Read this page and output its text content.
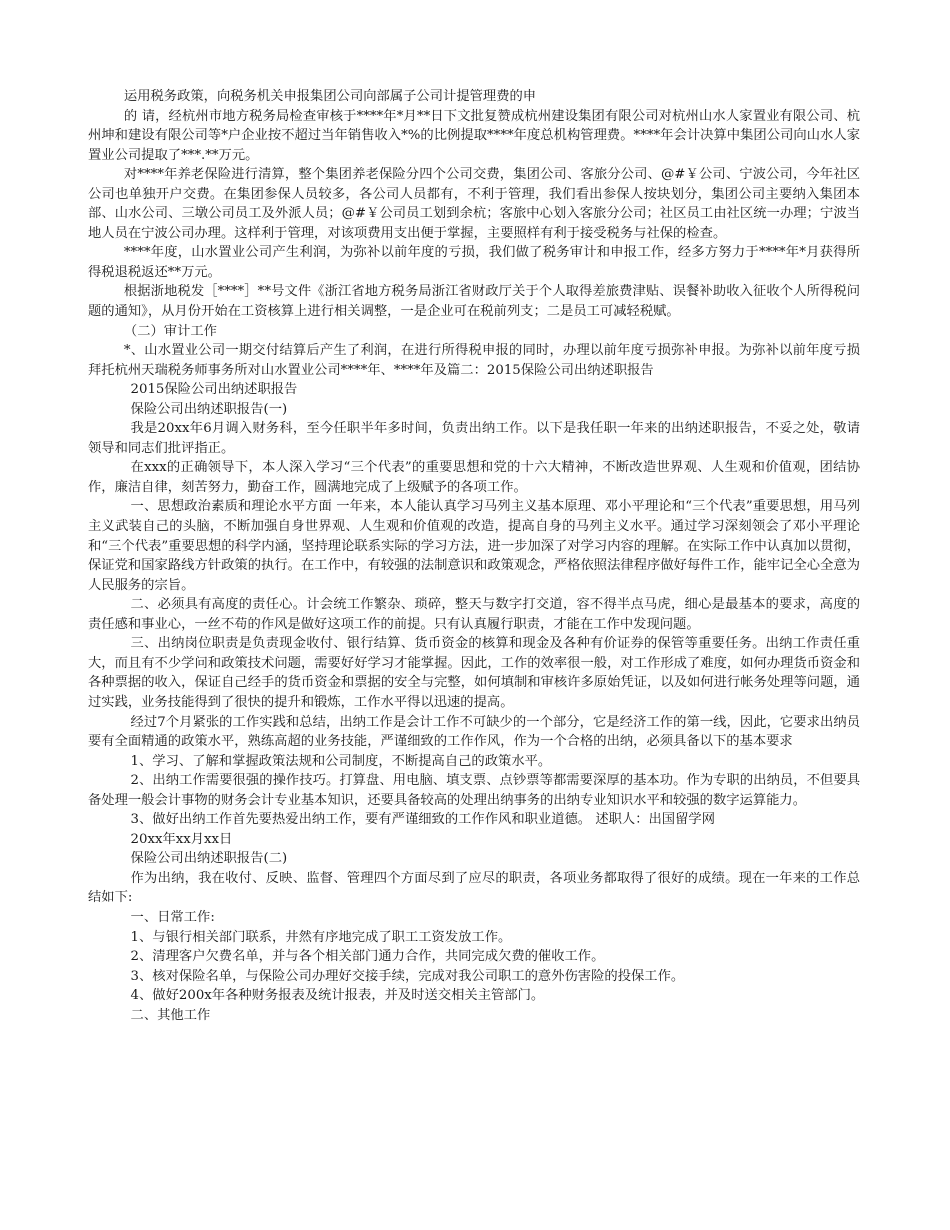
运用税务政策，向税务机关申报集团公司向部属子公司计提管理费的申

的 请，经杭州市地方税务局检查审核于****年*月**日下文批复赞成杭州建设集团有限公司对杭州山水人家置业有限公司、杭州坤和建设有限公司等*户企业按不超过当年销售收入*%的比例提取****年度总机构管理费。****年会计决算中集团公司向山水人家置业公司提取了***.**万元。

对****年养老保险进行清算，整个集团养老保险分四个公司交费，集团公司、客旅分公司、@#￥公司、宁波公司，今年社区公司也单独开户交费。在集团参保人员较多，各公司人员都有，不利于管理，我们看出参保人按块划分，集团公司主要纳入集团本部、山水公司、三墩公司员工及外派人员；@#￥公司员工划到余杭；客旅中心划入客旅分公司；社区员工由社区统一办理；宁波当地人员在宁波公司办理。这样利于管理，对该项费用支出便于掌握，主要照样有利于接受税务与社保的检查。

****年度，山水置业公司产生利润，为弥补以前年度的亏损，我们做了税务审计和申报工作，经多方努力于****年*月获得所得税退税返还**万元。

根据浙地税发［****］**号文件《浙江省地方税务局浙江省财政厅关于个人取得差旅费津贴、误餐补助收入征收个人所得税问题的通知》，从月份开始在工资核算上进行相关调整，一是企业可在税前列支；二是员工可减轻税赋。

（二）审计工作

*、山水置业公司一期交付结算后产生了利润，在进行所得税申报的同时，办理以前年度亏损弥补申报。为弥补以前年度亏损拜托杭州天瑞税务师事务所对山水置业公司****年、****年及篇二：2015保险公司出纳述职报告

2015保险公司出纳述职报告

保险公司出纳述职报告(一)

我是20xx年6月调入财务科，至今任职半年多时间，负责出纳工作。以下是我任职一年来的出纳述职报告，不妥之处，敬请领导和同志们批评指正。

在xxx的正确领导下，本人深入学习“三个代表”的重要思想和党的十六大精神，不断改造世界观、人生观和价值观，团结协作，廉洁自律，刻苦努力，勤奋工作，圆满地完成了上级赋予的各项工作。

一、思想政治素质和理论水平方面 一年来，本人能认真学习马列主义基本原理、邓小平理论和“三个代表”重要思想，用马列主义武装自己的头脑，不断加强自身世界观、人生观和价值观的改造，提高自身的马列主义水平。通过学习深刻领会了邓小平理论和“三个代表”重要思想的科学内涵，坚持理论联系实际的学习方法，进一步加深了对学习内容的理解。在实际工作中认真加以贯彻，保证党和国家路线方针政策的执行。在工作中，有较强的法制意识和政策观念，严格依照法律程序做好每件工作，能牢记全心全意为人民服务的宗旨。

二、必须具有高度的责任心。计会统工作繁杂、琐碎，整天与数字打交道，容不得半点马虎，细心是最基本的要求，高度的责任感和事业心，一丝不苟的作风是做好这项工作的前提。只有认真履行职责，才能在工作中发现问题。

三、出纳岗位职责是负责现金收付、银行结算、货币资金的核算和现金及各种有价证券的保管等重要任务。出纳工作责任重大，而且有不少学问和政策技术问题，需要好好学习才能掌握。因此，工作的效率很一般，对工作形成了难度，如何办理货币资金和各种票据的收入，保证自己经手的货币资金和票据的安全与完整，如何填制和审核许多原始凭证，以及如何进行帐务处理等问题，通过实践，业务技能得到了很快的提升和锻炼，工作水平得以迅速的提高。

经过7个月紧张的工作实践和总结，出纳工作是会计工作不可缺少的一个部分，它是经济工作的第一线，因此，它要求出纳员要有全面精通的政策水平，熟练高超的业务技能，严谨细致的工作作风，作为一个合格的出纳，必须具备以下的基本要求

1、学习、了解和掌握政策法规和公司制度，不断提高自己的政策水平。

2、出纳工作需要很强的操作技巧。打算盘、用电脑、填支票、点钞票等都需要深厚的基本功。作为专职的出纳员，不但要具备处理一般会计事物的财务会计专业基本知识，还要具备较高的处理出纳事务的出纳专业知识水平和较强的数字运算能力。

3、做好出纳工作首先要热爱出纳工作，要有严谨细致的工作作风和职业道德。 述职人：出国留学网

20xx年xx月xx日

保险公司出纳述职报告(二)

作为出纳，我在收付、反映、监督、管理四个方面尽到了应尽的职责，各项业务都取得了很好的成绩。现在一年来的工作总结如下:

一、日常工作:

1、与银行相关部门联系，井然有序地完成了职工工资发放工作。

2、清理客户欠费名单，并与各个相关部门通力合作，共同完成欠费的催收工作。

3、核对保险名单，与保险公司办理好交接手续，完成对我公司职工的意外伤害险的投保工作。

4、做好200x年各种财务报表及统计报表，并及时送交相关主管部门。

二、其他工作
